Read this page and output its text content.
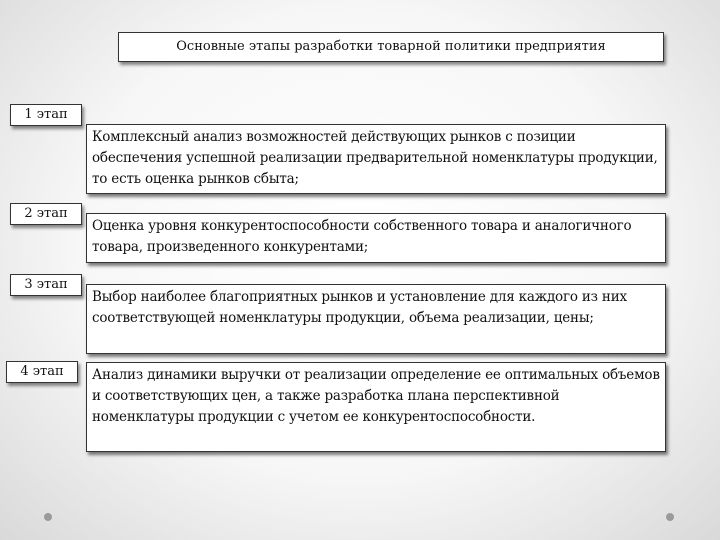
Основные этапы разработки товарной политики предприятия
1 этап
Комплексный анализ возможностей действующих рынков с позиции обеспечения успешной реализации предварительной номенклатуры продукции, то есть оценка рынков сбыта;
2 этап
Оценка уровня конкурентоспособности собственного товара и аналогичного товара, произведенного конкурентами;
3 этап
Выбор наиболее благоприятных рынков и установление для каждого из них соответствующей номенклатуры продукции, объема реализации, цены;
4 этап	Анализ динамики выручки от реализации определение ее оптимальных объемов и соответствующих цен, а также разработка плана перспективной номенклатуры продукции с учетом ее конкурентоспособности.
